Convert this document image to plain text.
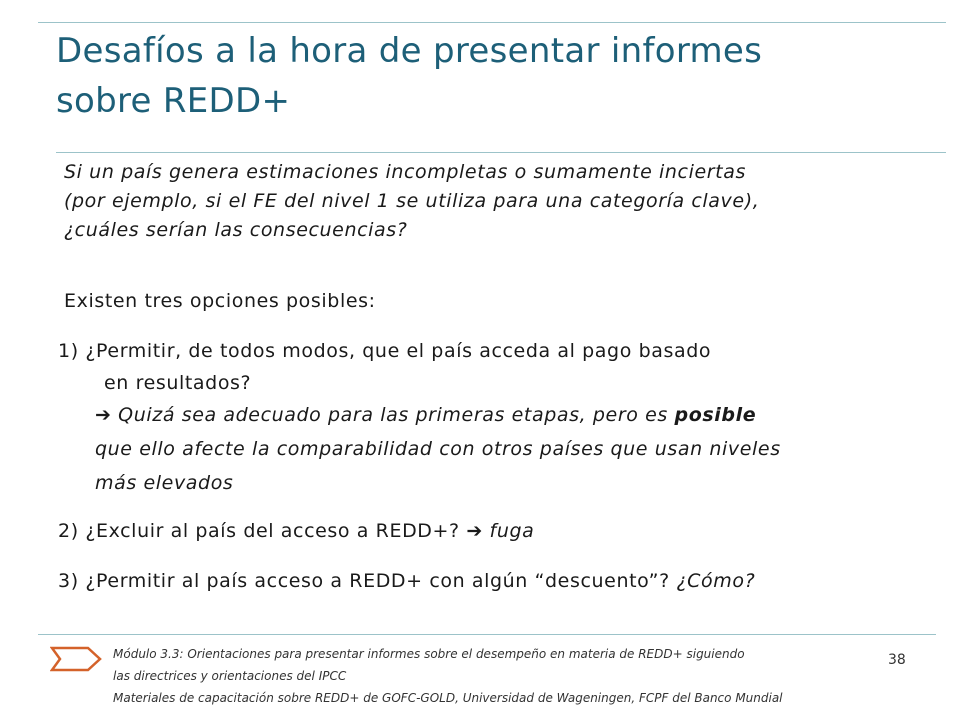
Desafíos a la hora de presentar informes
sobre REDD+
Si un país genera estimaciones incompletas o sumamente inciertas
(por ejemplo, si el FE del nivel 1 se utiliza para una categoría clave),
¿cuáles serían las consecuencias?
Existen tres opciones posibles:
1) ¿Permitir, de todos modos, que el país acceda al pago basado
en resultados?
➔ Quizá sea adecuado para las primeras etapas, pero es posible
que ello afecte la comparabilidad con otros países que usan niveles
más elevados
2) ¿Excluir al país del acceso a REDD+? ➔ fuga
3) ¿Permitir al país acceso a REDD+ con algún “descuento”? ¿Cómo?
Módulo 3.3: Orientaciones para presentar informes sobre el desempeño en materia de REDD+ siguiendo
las directrices y orientaciones del IPCC
Materiales de capacitación sobre REDD+ de GOFC-GOLD, Universidad de Wageningen, FCPF del Banco Mundial
38
